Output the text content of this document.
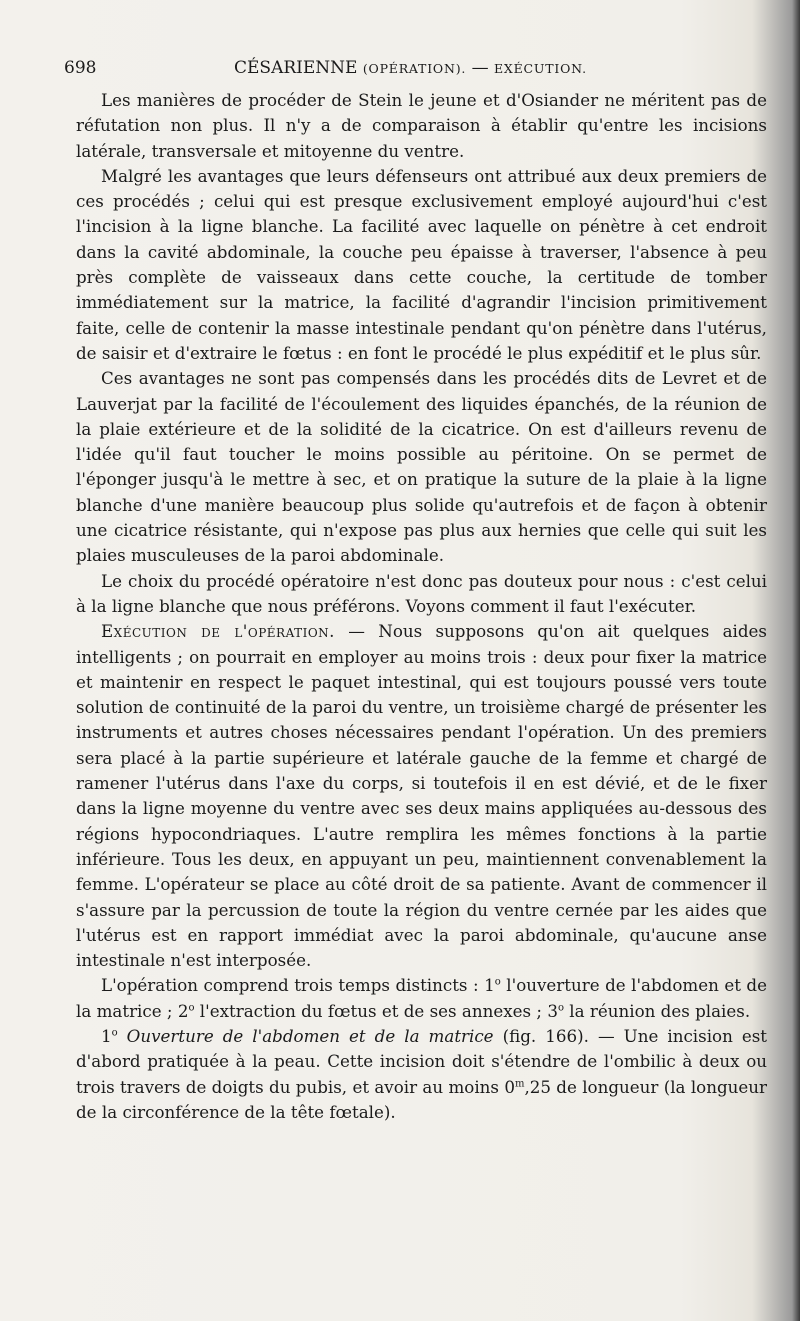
698	CÉSARIENNE (OPÉRATION). — EXÉCUTION.

Les manières de procéder de Stein le jeune et d'Osiander ne méritent pas de réfutation non plus. Il n'y a de comparaison à établir qu'entre les incisions latérale, transversale et mitoyenne du ventre.

Malgré les avantages que leurs défenseurs ont attribué aux deux premiers de ces procédés ; celui qui est presque exclusivement employé aujourd'hui c'est l'incision à la ligne blanche. La facilité avec laquelle on pénètre à cet endroit dans la cavité abdominale, la couche peu épaisse à traverser, l'absence à peu près complète de vaisseaux dans cette couche, la certitude de tomber immédiatement sur la matrice, la facilité d'agrandir l'incision primitivement faite, celle de contenir la masse intestinale pendant qu'on pénètre dans l'utérus, de saisir et d'extraire le fœtus : en font le procédé le plus expéditif et le plus sûr.

Ces avantages ne sont pas compensés dans les procédés dits de Levret et de Lauverjat par la facilité de l'écoulement des liquides épanchés, de la réunion de la plaie extérieure et de la solidité de la cicatrice. On est d'ailleurs revenu de l'idée qu'il faut toucher le moins possible au péritoine. On se permet de l'éponger jusqu'à le mettre à sec, et on pratique la suture de la plaie à la ligne blanche d'une manière beaucoup plus solide qu'autrefois et de façon à obtenir une cicatrice résistante, qui n'expose pas plus aux hernies que celle qui suit les plaies musculeuses de la paroi abdominale.

Le choix du procédé opératoire n'est donc pas douteux pour nous : c'est celui à la ligne blanche que nous préférons. Voyons comment il faut l'exécuter.

Exécution de l'opération. — Nous supposons qu'on ait quelques aides intelligents ; on pourrait en employer au moins trois : deux pour fixer la matrice et maintenir en respect le paquet intestinal, qui est toujours poussé vers toute solution de continuité de la paroi du ventre, un troisième chargé de présenter les instruments et autres choses nécessaires pendant l'opération. Un des premiers sera placé à la partie supérieure et latérale gauche de la femme et chargé de ramener l'utérus dans l'axe du corps, si toutefois il en est dévié, et de le fixer dans la ligne moyenne du ventre avec ses deux mains appliquées au-dessous des régions hypocondriaques. L'autre remplira les mêmes fonctions à la partie inférieure. Tous les deux, en appuyant un peu, maintiennent convenablement la femme. L'opérateur se place au côté droit de sa patiente. Avant de commencer il s'assure par la percussion de toute la région du ventre cernée par les aides que l'utérus est en rapport immédiat avec la paroi abdominale, qu'aucune anse intestinale n'est interposée.

L'opération comprend trois temps distincts : 1$^o$ l'ouverture de l'abdomen et de la matrice ; 2$^o$ l'extraction du fœtus et de ses annexes ; 3$^o$ la réunion des plaies.

1$^o$ Ouverture de l'abdomen et de la matrice (fig. 166). — Une incision est d'abord pratiquée à la peau. Cette incision doit s'étendre de l'ombilic à deux ou trois travers de doigts du pubis, et avoir au moins 0$^m$,25 de longueur (la longueur de la circonférence de la tête fœtale).
